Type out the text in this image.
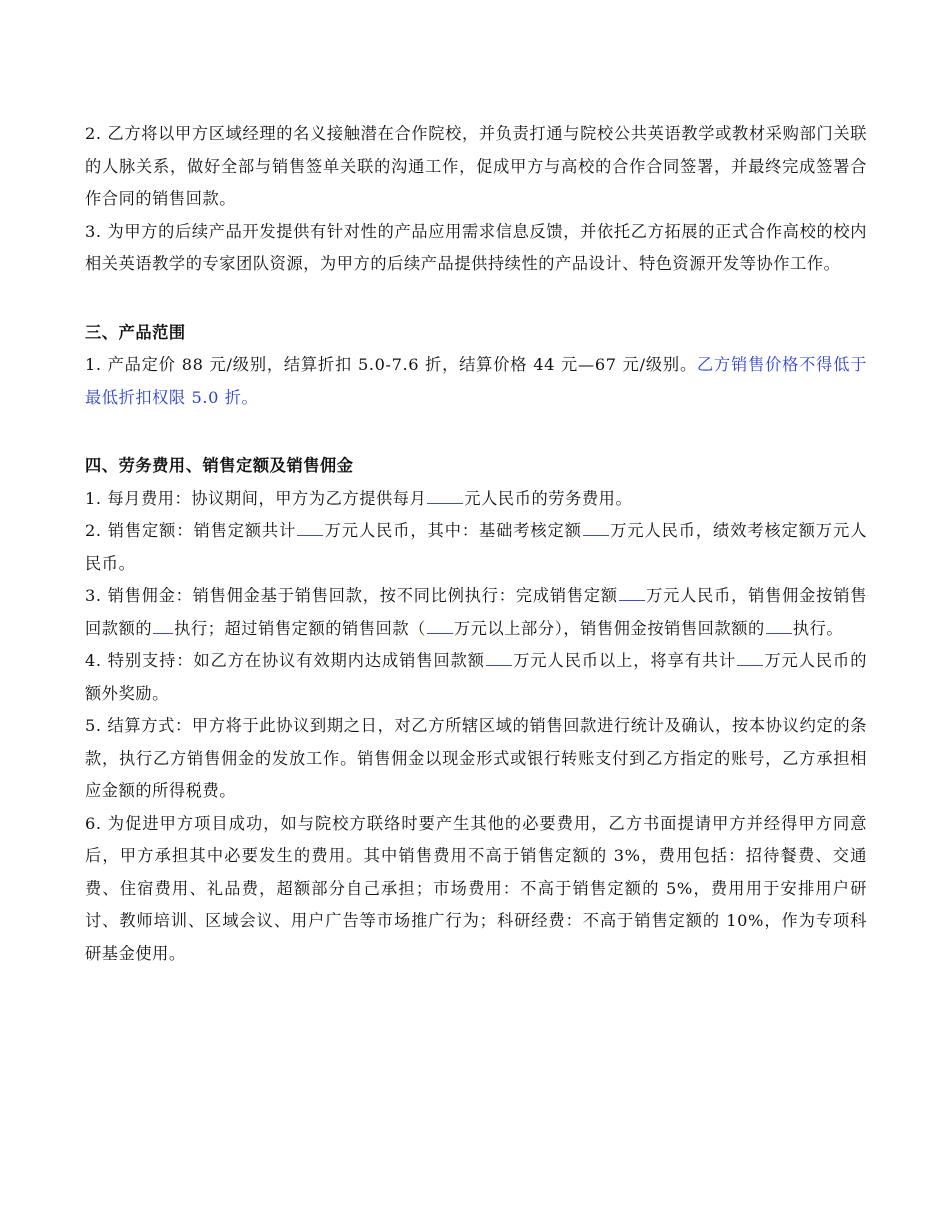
2. 乙方将以甲方区域经理的名义接触潜在合作院校，并负责打通与院校公共英语教学或教材采购部门关联的人脉关系，做好全部与销售签单关联的沟通工作，促成甲方与高校的合作合同签署，并最终完成签署合作合同的销售回款。

3. 为甲方的后续产品开发提供有针对性的产品应用需求信息反馈，并依托乙方拓展的正式合作高校的校内相关英语教学的专家团队资源，为甲方的后续产品提供持续性的产品设计、特色资源开发等协作工作。

三、产品范围

1. 产品定价 88 元/级别，结算折扣 5.0-7.6 折，结算价格 44 元—67 元/级别。乙方销售价格不得低于最低折扣权限 5.0 折。

四、劳务费用、销售定额及销售佣金

1. 每月费用：协议期间，甲方为乙方提供每月 元人民币的劳务费用。

2. 销售定额：销售定额共计 万元人民币，其中：基础考核定额 万元人民币，绩效考核定额万元人民币。

3. 销售佣金：销售佣金基于销售回款，按不同比例执行：完成销售定额 万元人民币，销售佣金按销售回款额的 执行；超过销售定额的销售回款（ 万元以上部分），销售佣金按销售回款额的 执行。

4. 特别支持：如乙方在协议有效期内达成销售回款额 万元人民币以上，将享有共计 万元人民币的额外奖励。

5. 结算方式：甲方将于此协议到期之日，对乙方所辖区域的销售回款进行统计及确认，按本协议约定的条款，执行乙方销售佣金的发放工作。销售佣金以现金形式或银行转账支付到乙方指定的账号，乙方承担相应金额的所得税费。

6. 为促进甲方项目成功，如与院校方联络时要产生其他的必要费用，乙方书面提请甲方并经得甲方同意后，甲方承担其中必要发生的费用。其中销售费用不高于销售定额的 3%，费用包括：招待餐费、交通费、住宿费用、礼品费，超额部分自己承担；市场费用：不高于销售定额的 5%，费用用于安排用户研讨、教师培训、区域会议、用户广告等市场推广行为；科研经费：不高于销售定额的 10%，作为专项科研基金使用。
